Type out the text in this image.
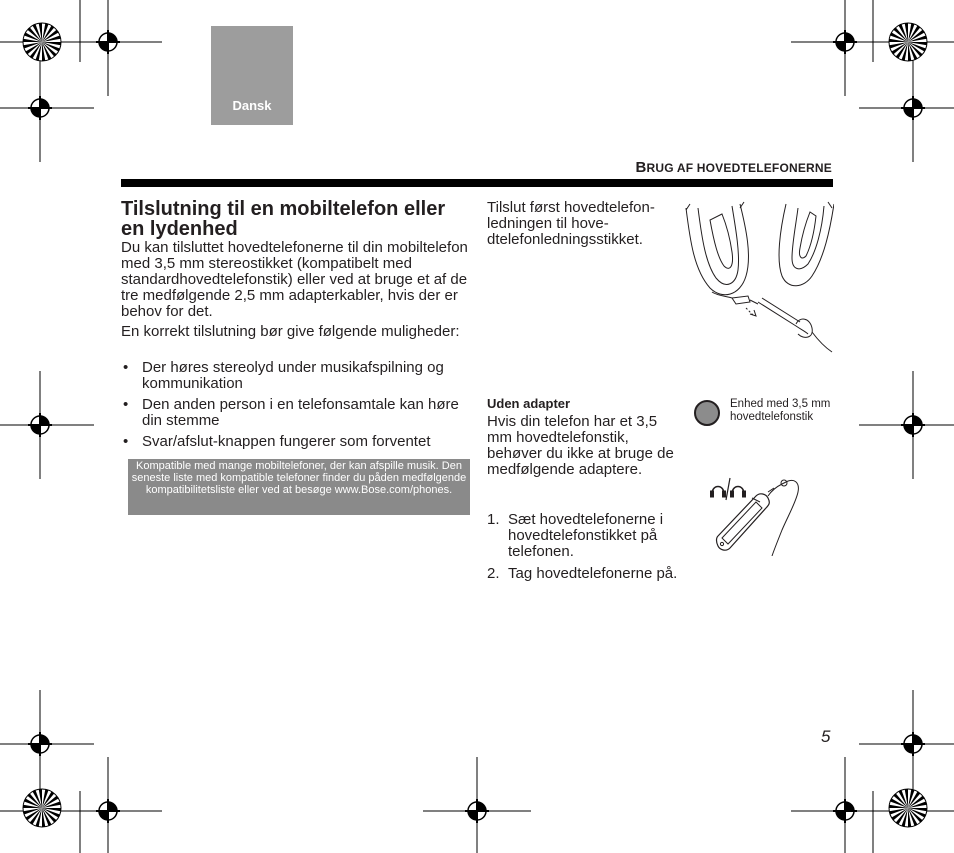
Dansk
BRUG AF HOVEDTELEFONERNE
Tilslutning til en mobiltelefon eller en lydenhed
Du kan tilsluttet hovedtelefonerne til din mobiltelefon med 3,5 mm stereostikket (kompatibelt med standardhovedtelefonstik) eller ved at bruge et af de tre medfølgende 2,5 mm adapterkabler, hvis der er behov for det.
En korrekt tilslutning bør give følgende muligheder:
• Der høres stereolyd under musikafspilning og kommunikation
• Den anden person i en telefonsamtale kan høre din stemme
• Svar/afslut-knappen fungerer som forventet
Kompatible med mange mobiltelefoner, der kan afspille musik. Den seneste liste med kompatible telefoner finder du påden medfølgende kompatibilitetsliste eller ved at besøge www.Bose.com/phones.
Tilslut først hovedtelefon-ledningen til hove-dtelefonledningsstikket.
Uden adapter
Hvis din telefon har et 3,5 mm hovedtelefonstik, behøver du ikke at bruge de medfølgende adaptere.
1. Sæt hovedtelefonerne i hovedtelefonstikket på telefonen.
2. Tag hovedtelefonerne på.
Enhed med 3,5 mm hovedtelefonstik
5
